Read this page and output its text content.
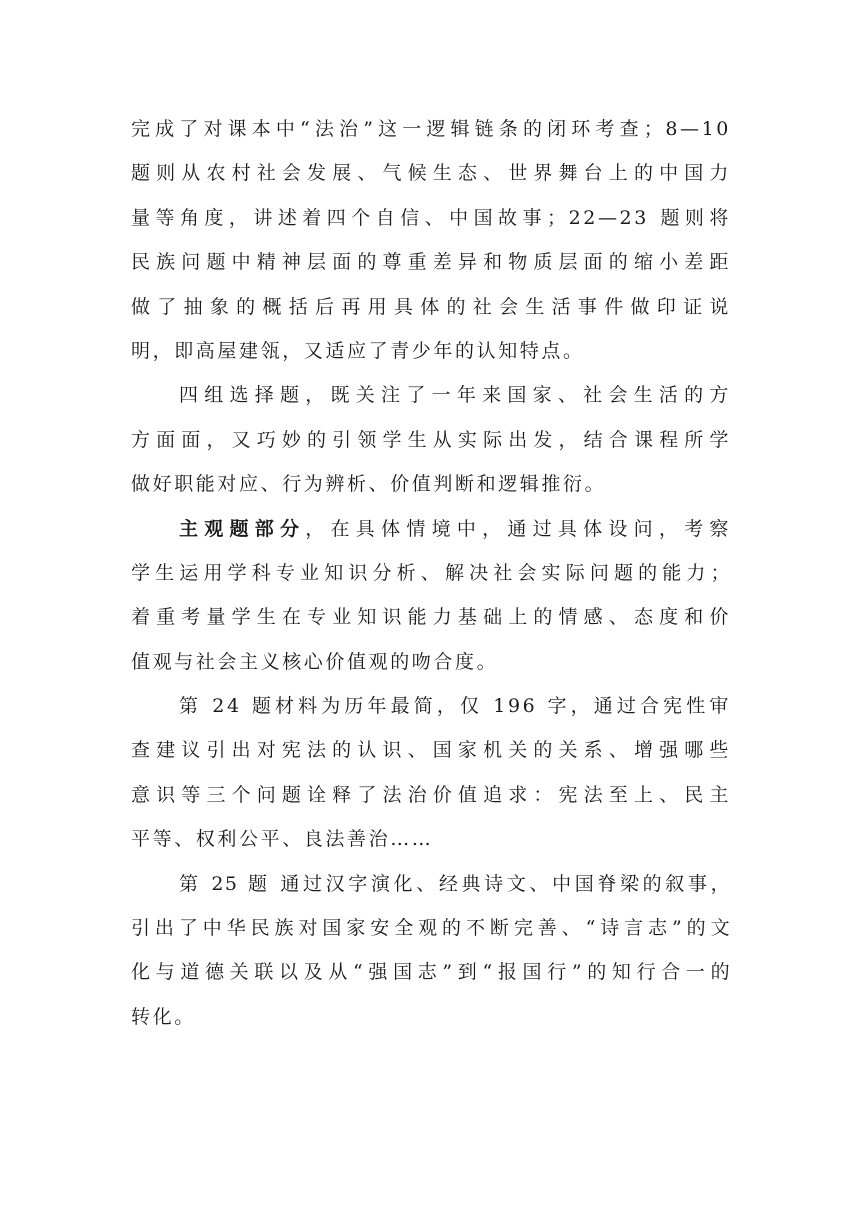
完成了对课本中“法治”这一逻辑链条的闭环考查；8—10
题则从农村社会发展、气候生态、世界舞台上的中国力
量等角度，讲述着四个自信、中国故事；22—23 题则将
民族问题中精神层面的尊重差异和物质层面的缩小差距
做了抽象的概括后再用具体的社会生活事件做印证说
明，即高屋建瓴，又适应了青少年的认知特点。
四组选择题，既关注了一年来国家、社会生活的方
方面面，又巧妙的引领学生从实际出发，结合课程所学
做好职能对应、行为辨析、价值判断和逻辑推衍。
主观题部分，在具体情境中，通过具体设问，考察
学生运用学科专业知识分析、解决社会实际问题的能力；
着重考量学生在专业知识能力基础上的情感、态度和价
值观与社会主义核心价值观的吻合度。
第 24 题材料为历年最简，仅 196 字，通过合宪性审
查建议引出对宪法的认识、国家机关的关系、增强哪些
意识等三个问题诠释了法治价值追求：宪法至上、民主
平等、权利公平、良法善治……
第 25 题 通过汉字演化、经典诗文、中国脊梁的叙事，
引出了中华民族对国家安全观的不断完善、“诗言志”的文
化与道德关联以及从“强国志”到“报国行”的知行合一的
转化。
